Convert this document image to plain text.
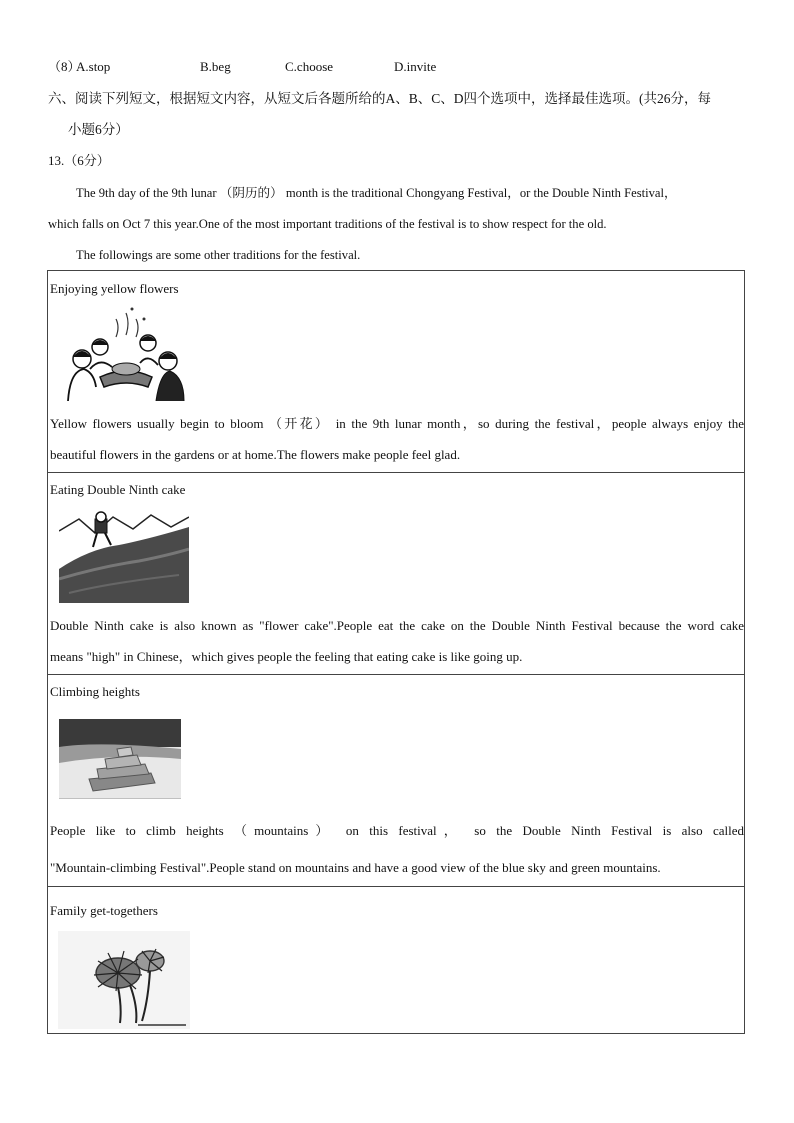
（8）
A.stop	B.beg	C.choose	D.invite
六、阅读下列短文，根据短文内容，从短文后各题所给的A、B、C、D四个选项中，选择最佳选项。(共26分，每
小题6分）
13.（6分）
The 9th day of the 9th lunar （阴历的） month is the traditional Chongyang Festival，or the Double Ninth Festival，
which falls on Oct 7 this year.One of the most important traditions of the festival is to show respect for the old.
The followings are some other traditions for the festival.
Enjoying yellow flowers
Yellow flowers usually begin to bloom （开花） in the 9th lunar month，so during the festival，people always enjoy the
beautiful flowers in the gardens or at home.The flowers make people feel glad.
Eating Double Ninth cake
Double Ninth cake is also known as "flower cake".People eat the cake on the Double Ninth Festival because the word cake
means "high" in Chinese，which gives people the feeling that eating cake is like going up.
Climbing heights
People like to climb heights （mountains） on this festival， so the Double Ninth Festival is also called
"Mountain-climbing Festival".People stand on mountains and have a good view of the blue sky and green mountains.
Family get-togethers
